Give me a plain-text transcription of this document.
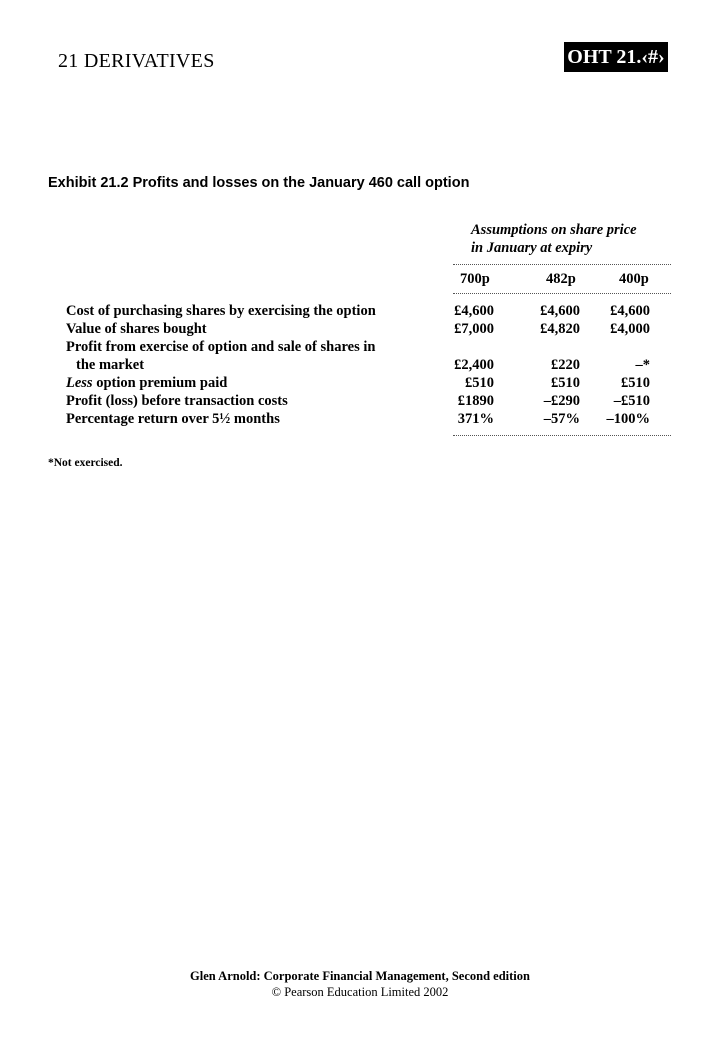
21 DERIVATIVES	OHT 21.‹#›
Exhibit 21.2 Profits and losses on the January 460 call option
Assumptions on share price
in January at expiry
700p	482p	400p
Cost of purchasing shares by exercising the option	£4,600	£4,600	£4,600
Value of shares bought	£7,000	£4,820	£4,000
Profit from exercise of option and sale of shares in
the market	£2,400	£220	–*
Less option premium paid	£510	£510	£510
Profit (loss) before transaction costs	£1890	–£290	–£510
Percentage return over 5½ months	371%	–57%	–100%
*Not exercised.
Glen Arnold: Corporate Financial Management, Second edition
© Pearson Education Limited 2002
